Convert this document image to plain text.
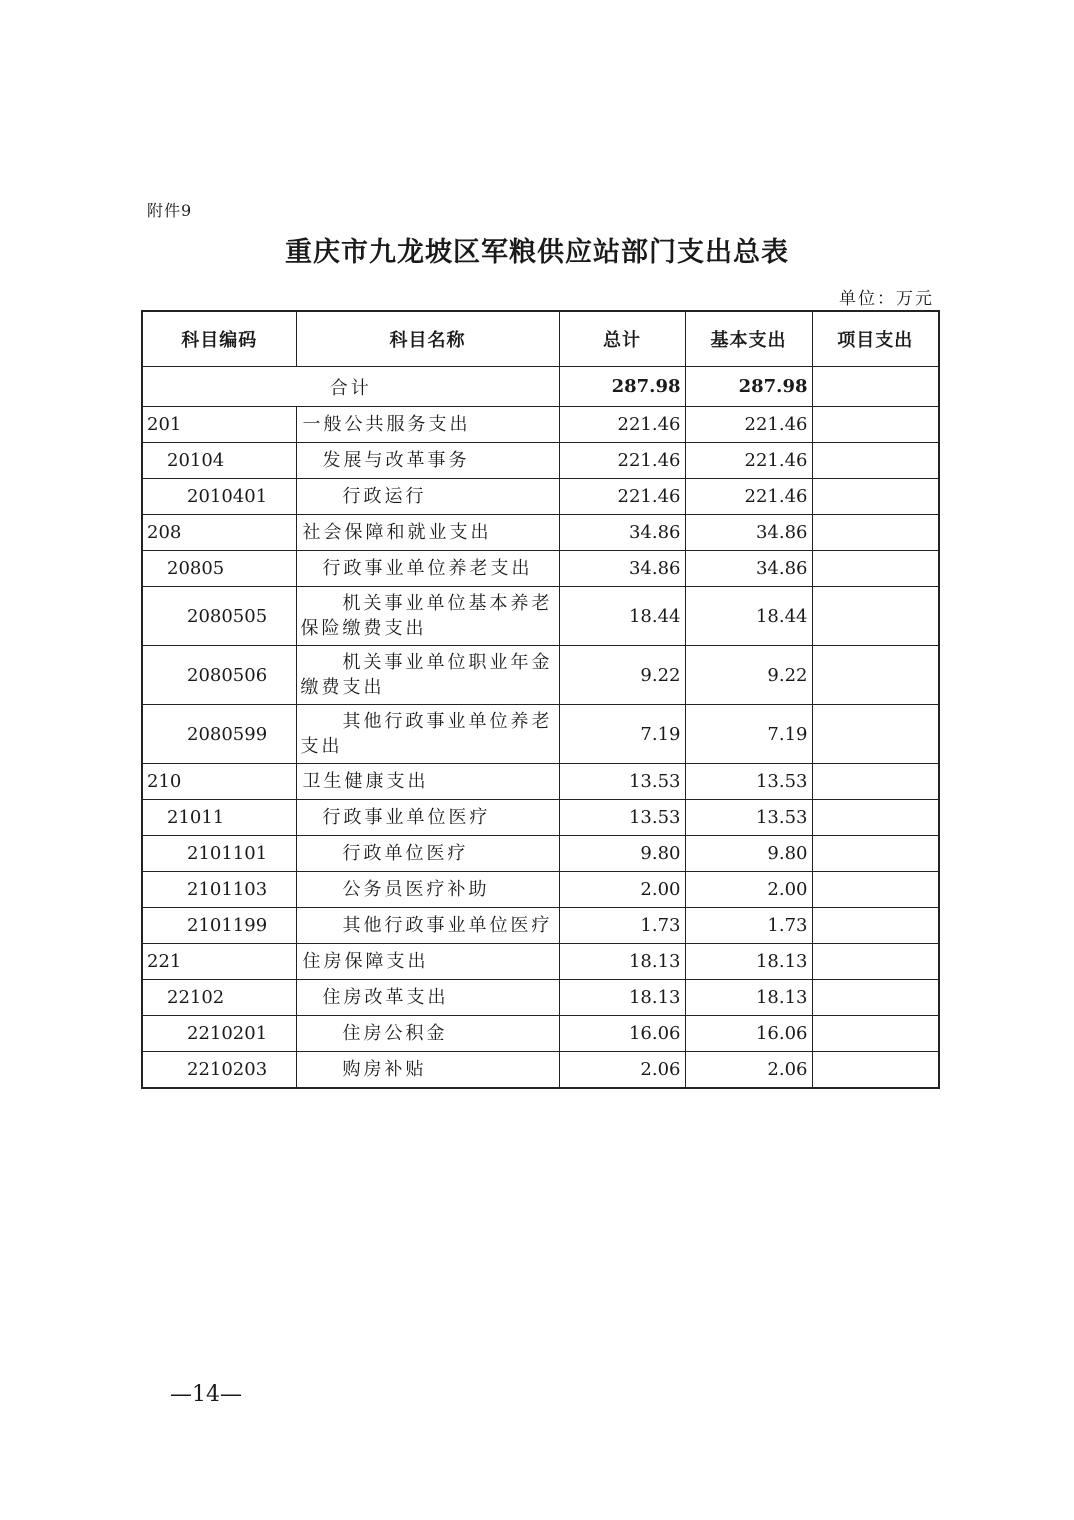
附件9
重庆市九龙坡区军粮供应站部门支出总表
单位：万元
科目编码	科目名称	总计	基本支出	项目支出
合计		287.98	287.98	
201	一般公共服务支出	221.46	221.46	
20104	发展与改革事务	221.46	221.46	
2010401	行政运行	221.46	221.46	
208	社会保障和就业支出	34.86	34.86	
20805	行政事业单位养老支出	34.86	34.86	
2080505	机关事业单位基本养老保险缴费支出	18.44	18.44	
2080506	机关事业单位职业年金缴费支出	9.22	9.22	
2080599	其他行政事业单位养老支出	7.19	7.19	
210	卫生健康支出	13.53	13.53	
21011	行政事业单位医疗	13.53	13.53	
2101101	行政单位医疗	9.80	9.80	
2101103	公务员医疗补助	2.00	2.00	
2101199	其他行政事业单位医疗	1.73	1.73	
221	住房保障支出	18.13	18.13	
22102	住房改革支出	18.13	18.13	
2210201	住房公积金	16.06	16.06	
2210203	购房补贴	2.06	2.06	
—14—
